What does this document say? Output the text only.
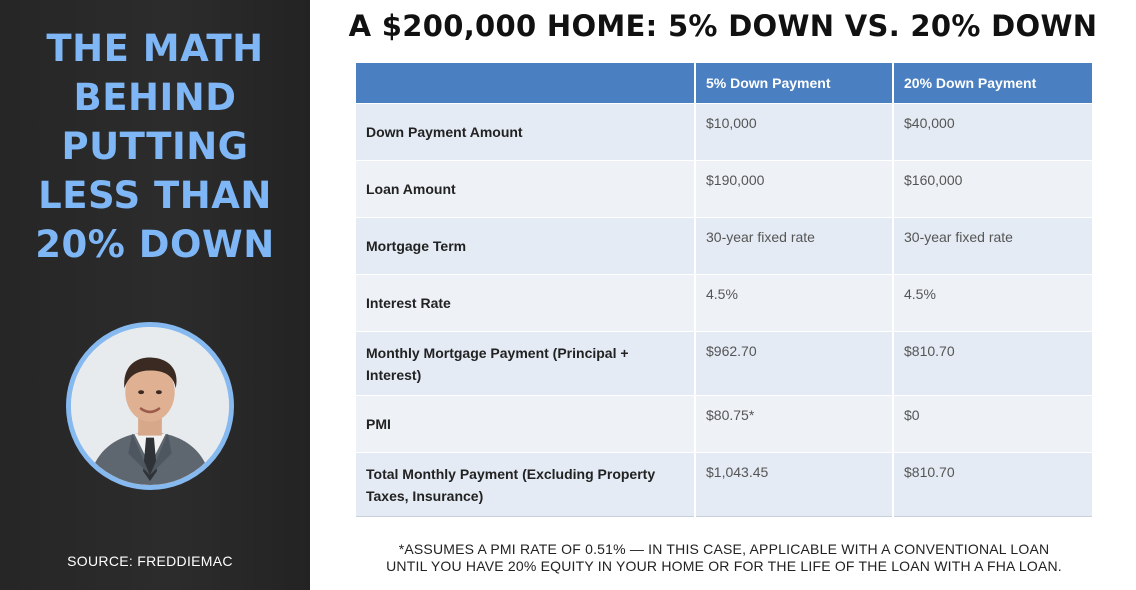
THE MATH
BEHIND
PUTTING
LESS THAN
20% DOWN
SOURCE: FREDDIEMAC
A $200,000 HOME: 5% DOWN VS. 20% DOWN
	5% Down Payment	20% Down Payment
Down Payment Amount	$10,000	$40,000
Loan Amount	$190,000	$160,000
Mortgage Term	30-year fixed rate	30-year fixed rate
Interest Rate	4.5%	4.5%
Monthly Mortgage Payment (Principal + Interest)	$962.70	$810.70
PMI	$80.75*	$0
Total Monthly Payment (Excluding Property Taxes, Insurance)	$1,043.45	$810.70
*ASSUMES A PMI RATE OF 0.51% — IN THIS CASE, APPLICABLE WITH A CONVENTIONAL LOAN
UNTIL YOU HAVE 20% EQUITY IN YOUR HOME OR FOR THE LIFE OF THE LOAN WITH A FHA LOAN.
